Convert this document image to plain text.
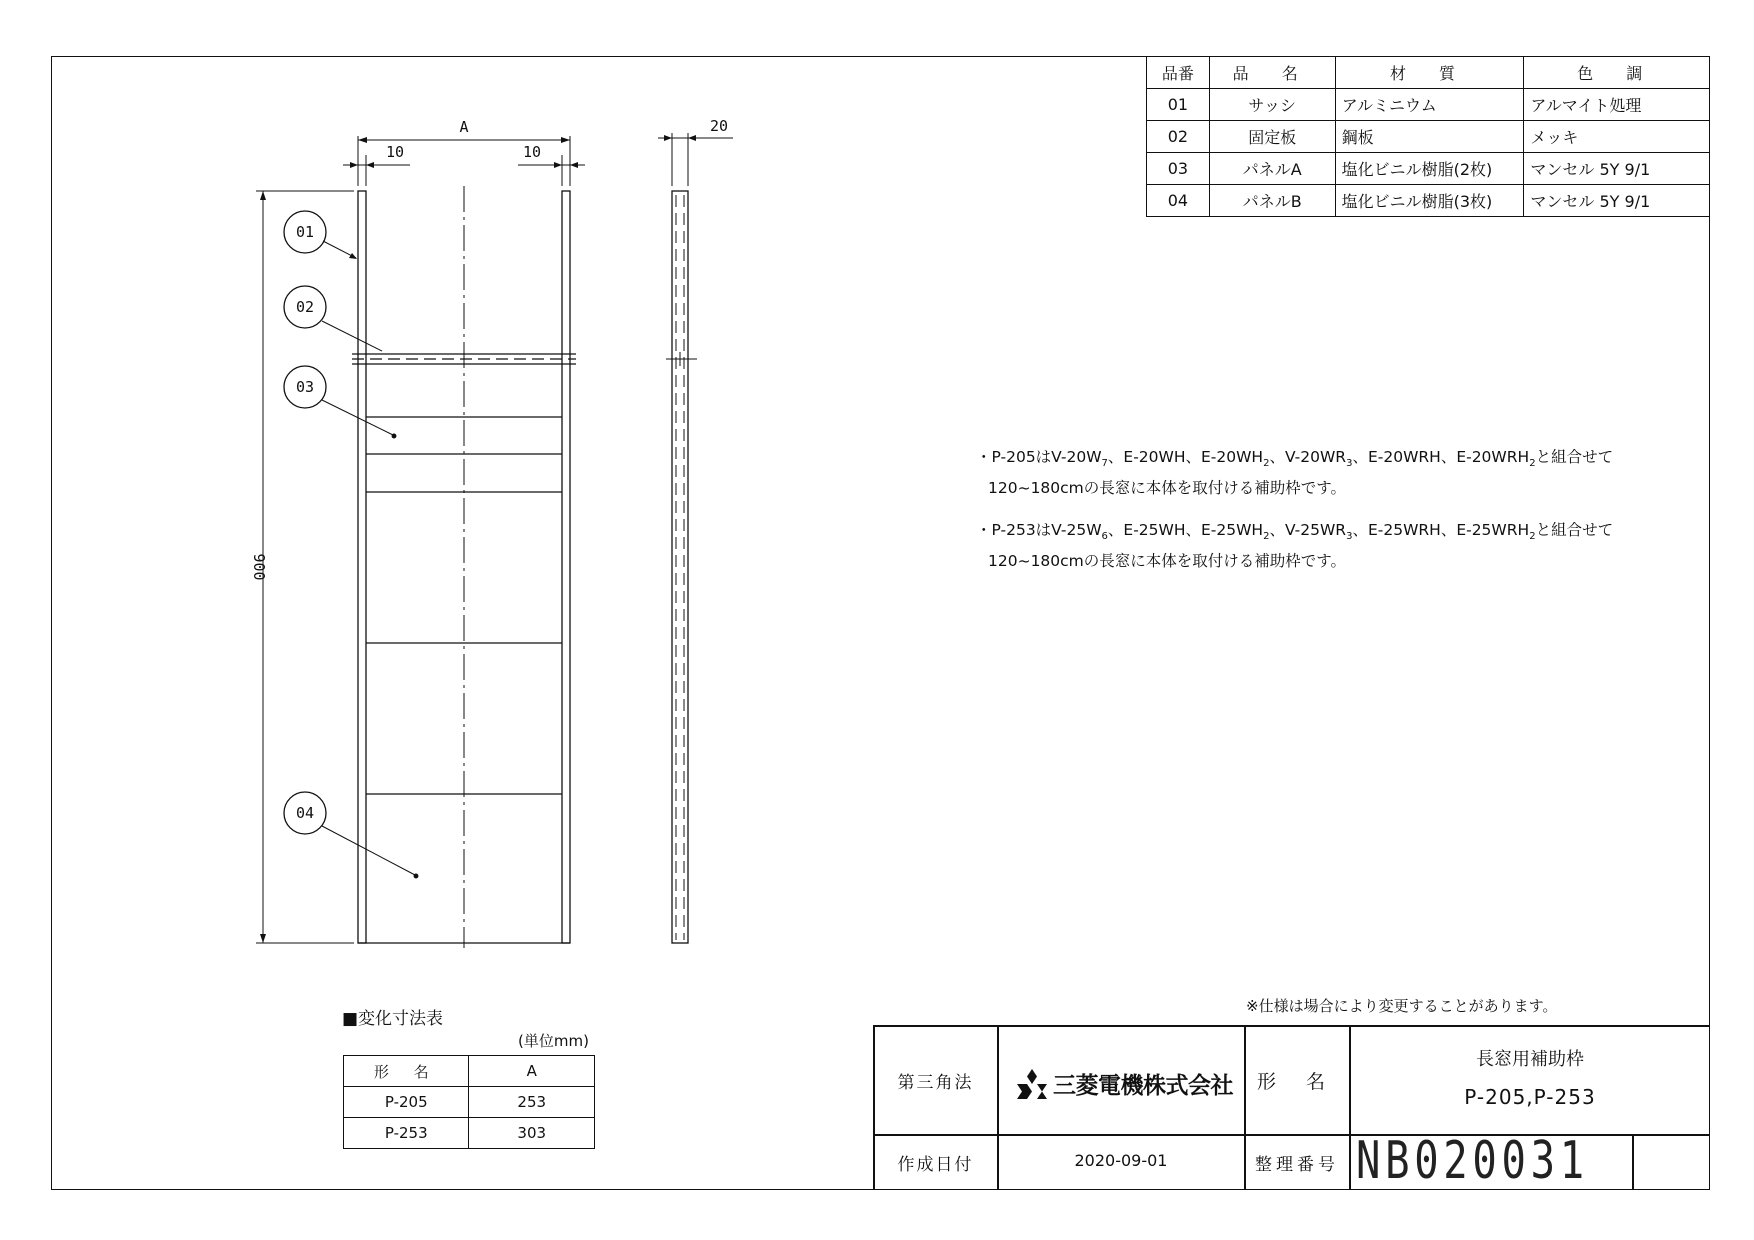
A
10	10
20
900
01
02
03
04
品番	品 名	材 質	色 調
01	サッシ	アルミニウム	アルマイト処理
02	固定板	鋼板	メッキ
03	パネルA	塩化ビニル樹脂(2枚)	マンセル 5Y 9/1
04	パネルB	塩化ビニル樹脂(3枚)	マンセル 5Y 9/1
・P-205は$V-20W_7$、E-20WH、$E-20WH_2$、$V-20WR_3$、E-20WRH、$E-20WRH_2$と組合せて
120~180cmの長窓に本体を取付ける補助枠です。
・P-253は$V-25W_6$、E-25WH、$E-25WH_2$、$V-25WR_3$、E-25WRH、$E-25WRH_2$と組合せて
120~180cmの長窓に本体を取付ける補助枠です。
■変化寸法表
(単位mm)
形 名	A
P-205	253
P-253	303
※仕様は場合により変更することがあります。
第三角法	三菱電機株式会社	形 名
長窓用補助枠
P-205,P-253
作成日付	2020-09-01	整理番号 NB020031
